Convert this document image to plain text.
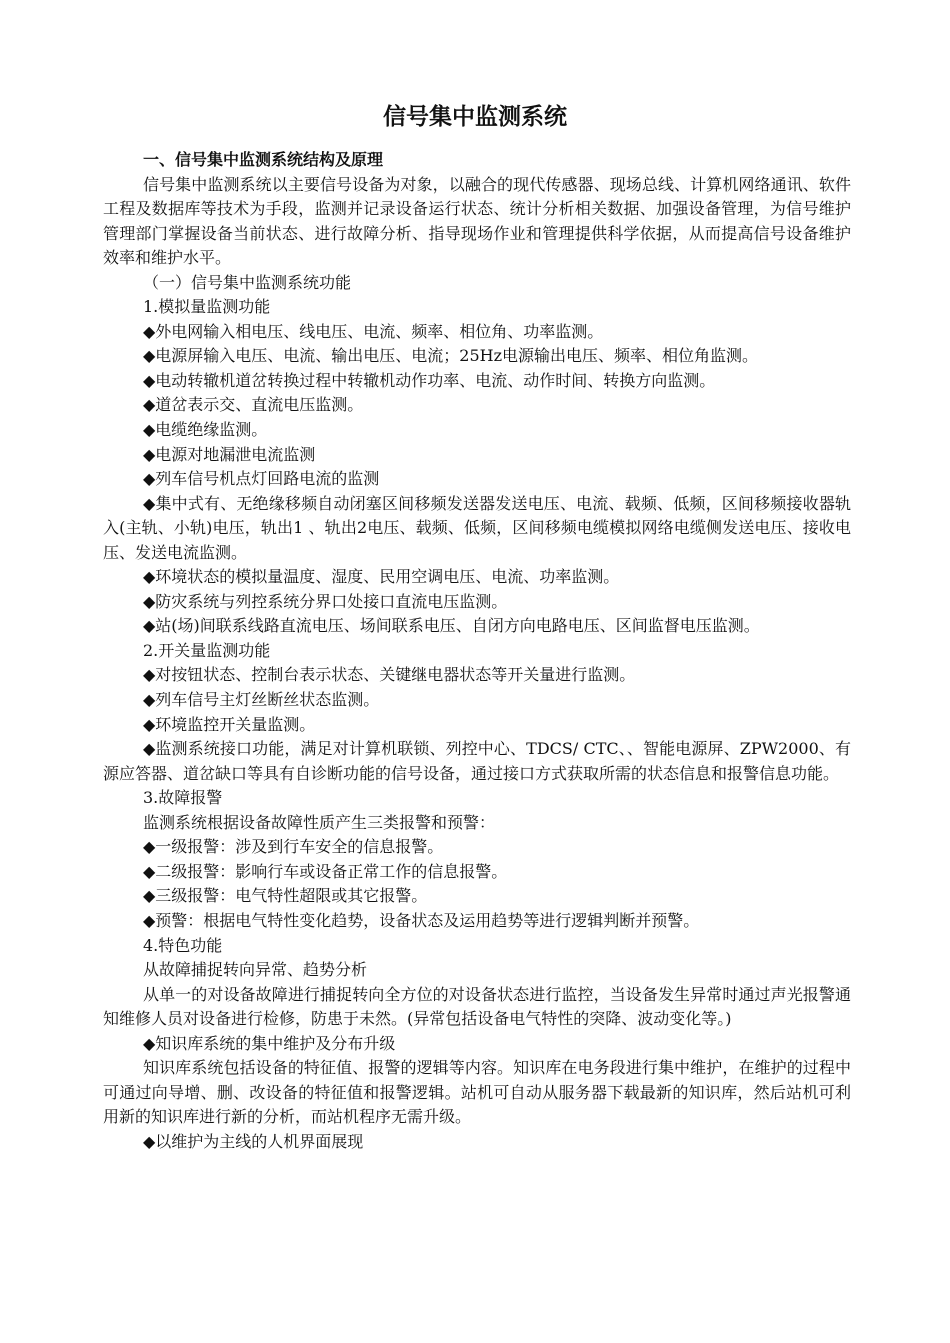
信号集中监测系统

一、信号集中监测系统结构及原理

信号集中监测系统以主要信号设备为对象，以融合的现代传感器、现场总线、计算机网络通讯、软件工程及数据库等技术为手段，监测并记录设备运行状态、统计分析相关数据、加强设备管理，为信号维护管理部门掌握设备当前状态、进行故障分析、指导现场作业和管理提供科学依据，从而提高信号设备维护效率和维护水平。

（一）信号集中监测系统功能

1.模拟量监测功能

◆外电网输入相电压、线电压、电流、频率、相位角、功率监测。

◆电源屏输入电压、电流、输出电压、电流；25Hz电源输出电压、频率、相位角监测。

◆电动转辙机道岔转换过程中转辙机动作功率、电流、动作时间、转换方向监测。

◆道岔表示交、直流电压监测。

◆电缆绝缘监测。

◆电源对地漏泄电流监测

◆列车信号机点灯回路电流的监测

◆集中式有、无绝缘移频自动闭塞区间移频发送器发送电压、电流、载频、低频，区间移频接收器轨入(主轨、小轨)电压，轨出1 、轨出2电压、载频、低频，区间移频电缆模拟网络电缆侧发送电压、接收电压、发送电流监测。

◆环境状态的模拟量温度、湿度、民用空调电压、电流、功率监测。

◆防灾系统与列控系统分界口处接口直流电压监测。

◆站(场)间联系线路直流电压、场间联系电压、自闭方向电路电压、区间监督电压监测。

2.开关量监测功能

◆对按钮状态、控制台表示状态、关键继电器状态等开关量进行监测。

◆列车信号主灯丝断丝状态监测。

◆环境监控开关量监测。

◆监测系统接口功能，满足对计算机联锁、列控中心、TDCS/ CTC、、智能电源屏、ZPW2000、有源应答器、道岔缺口等具有自诊断功能的信号设备，通过接口方式获取所需的状态信息和报警信息功能。

3.故障报警

监测系统根据设备故障性质产生三类报警和预警：

◆一级报警：涉及到行车安全的信息报警。

◆二级报警：影响行车或设备正常工作的信息报警。

◆三级报警：电气特性超限或其它报警。

◆预警：根据电气特性变化趋势，设备状态及运用趋势等进行逻辑判断并预警。

4.特色功能

从故障捕捉转向异常、趋势分析

从单一的对设备故障进行捕捉转向全方位的对设备状态进行监控，当设备发生异常时通过声光报警通知维修人员对设备进行检修，防患于未然。(异常包括设备电气特性的突降、波动变化等。)

◆知识库系统的集中维护及分布升级

知识库系统包括设备的特征值、报警的逻辑等内容。知识库在电务段进行集中维护，在维护的过程中可通过向导增、删、改设备的特征值和报警逻辑。站机可自动从服务器下载最新的知识库，然后站机可利用新的知识库进行新的分析，而站机程序无需升级。

◆以维护为主线的人机界面展现
